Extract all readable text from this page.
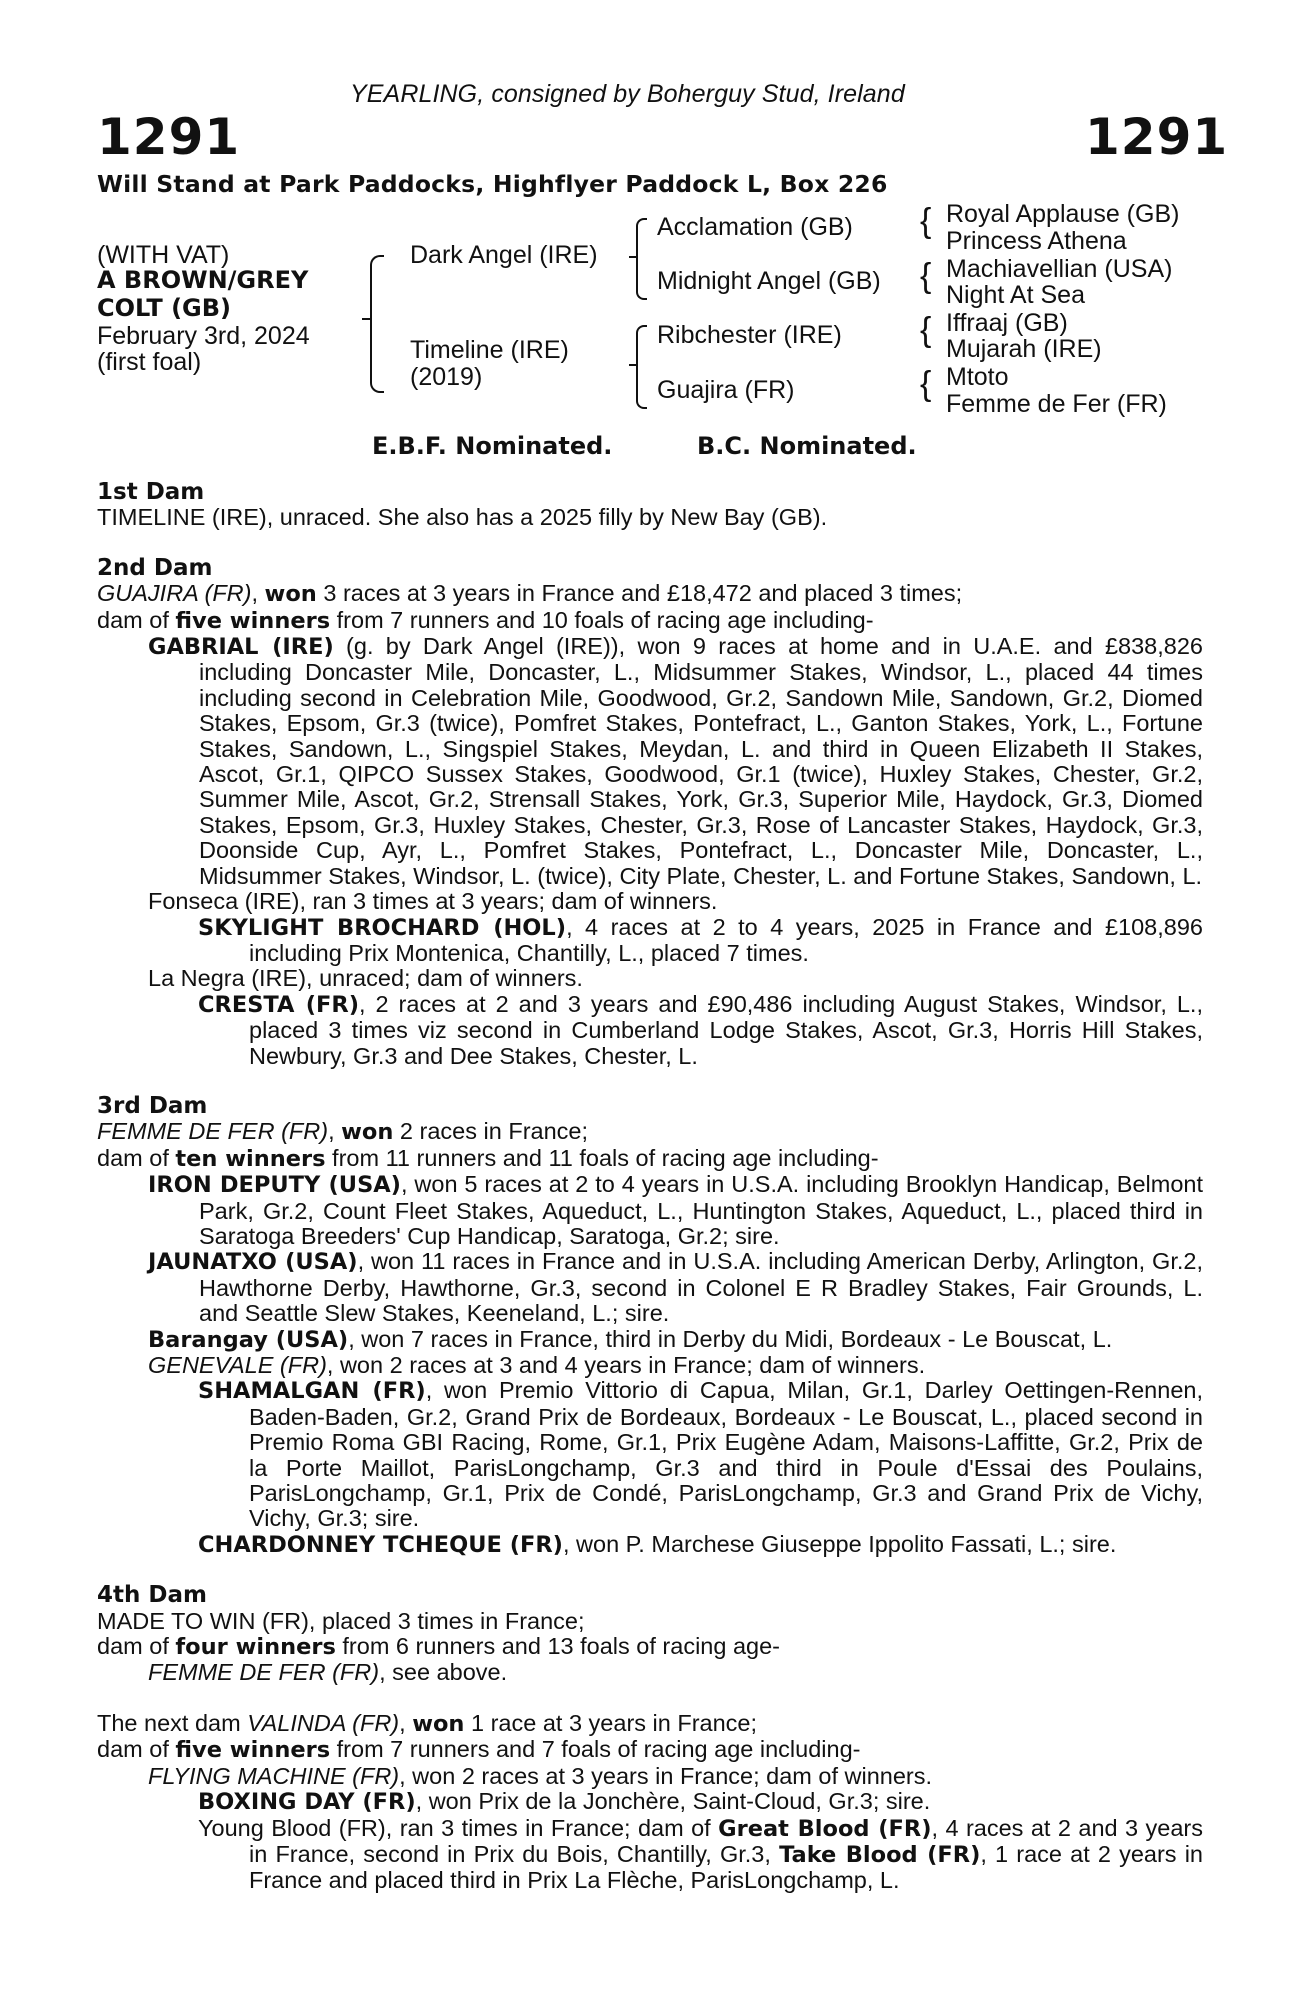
YEARLING, consigned by Boherguy Stud, Ireland
1291	1291
Will Stand at Park Paddocks, Highflyer Paddock L, Box 226
(WITH VAT)
A BROWN/GREY
COLT (GB)
February 3rd, 2024
(first foal)
Dark Angel (IRE)
Timeline (IRE)
(2019)
Acclamation (GB)
Midnight Angel (GB)
Ribchester (IRE)
Guajira (FR)
{
{
{
{
Royal Applause (GB)
Princess Athena
Machiavellian (USA)
Night At Sea
Iffraaj (GB)
Mujarah (IRE)
Mtoto
Femme de Fer (FR)
E.B.F. Nominated.	B.C. Nominated.
1st Dam

TIMELINE (IRE), unraced. She also has a 2025 filly by New Bay (GB).

2nd Dam

GUAJIRA (FR), won 3 races at 3 years in France and £18,472 and placed 3 times;

dam of five winners from 7 runners and 10 foals of racing age including-

GABRIAL (IRE) (g. by Dark Angel (IRE)), won 9 races at home and in U.A.E. and £838,826 including Doncaster Mile, Doncaster, L., Midsummer Stakes, Windsor, L., placed 44 times including second in Celebration Mile, Goodwood, Gr.2, Sandown Mile, Sandown, Gr.2, Diomed Stakes, Epsom, Gr.3 (twice), Pomfret Stakes, Pontefract, L., Ganton Stakes, York, L., Fortune Stakes, Sandown, L., Singspiel Stakes, Meydan, L. and third in Queen Elizabeth II Stakes, Ascot, Gr.1, QIPCO Sussex Stakes, Goodwood, Gr.1 (twice), Huxley Stakes, Chester, Gr.2, Summer Mile, Ascot, Gr.2, Strensall Stakes, York, Gr.3, Superior Mile, Haydock, Gr.3, Diomed Stakes, Epsom, Gr.3, Huxley Stakes, Chester, Gr.3, Rose of Lancaster Stakes, Haydock, Gr.3, Doonside Cup, Ayr, L., Pomfret Stakes, Pontefract, L., Doncaster Mile, Doncaster, L., Midsummer Stakes, Windsor, L. (twice), City Plate, Chester, L. and Fortune Stakes, Sandown, L.

Fonseca (IRE), ran 3 times at 3 years; dam of winners.

SKYLIGHT BROCHARD (HOL), 4 races at 2 to 4 years, 2025 in France and £108,896 including Prix Montenica, Chantilly, L., placed 7 times.

La Negra (IRE), unraced; dam of winners.

CRESTA (FR), 2 races at 2 and 3 years and £90,486 including August Stakes, Windsor, L., placed 3 times viz second in Cumberland Lodge Stakes, Ascot, Gr.3, Horris Hill Stakes, Newbury, Gr.3 and Dee Stakes, Chester, L.

3rd Dam

FEMME DE FER (FR), won 2 races in France;

dam of ten winners from 11 runners and 11 foals of racing age including-

IRON DEPUTY (USA), won 5 races at 2 to 4 years in U.S.A. including Brooklyn Handicap, Belmont Park, Gr.2, Count Fleet Stakes, Aqueduct, L., Huntington Stakes, Aqueduct, L., placed third in Saratoga Breeders' Cup Handicap, Saratoga, Gr.2; sire.

JAUNATXO (USA), won 11 races in France and in U.S.A. including American Derby, Arlington, Gr.2, Hawthorne Derby, Hawthorne, Gr.3, second in Colonel E R Bradley Stakes, Fair Grounds, L. and Seattle Slew Stakes, Keeneland, L.; sire.

Barangay (USA), won 7 races in France, third in Derby du Midi, Bordeaux - Le Bouscat, L.

GENEVALE (FR), won 2 races at 3 and 4 years in France; dam of winners.

SHAMALGAN (FR), won Premio Vittorio di Capua, Milan, Gr.1, Darley Oettingen-Rennen, Baden-Baden, Gr.2, Grand Prix de Bordeaux, Bordeaux - Le Bouscat, L., placed second in Premio Roma GBI Racing, Rome, Gr.1, Prix Eugène Adam, Maisons-Laffitte, Gr.2, Prix de la Porte Maillot, ParisLongchamp, Gr.3 and third in Poule d'Essai des Poulains, ParisLongchamp, Gr.1, Prix de Condé, ParisLongchamp, Gr.3 and Grand Prix de Vichy, Vichy, Gr.3; sire.

CHARDONNEY TCHEQUE (FR), won P. Marchese Giuseppe Ippolito Fassati, L.; sire.

4th Dam

MADE TO WIN (FR), placed 3 times in France;

dam of four winners from 6 runners and 13 foals of racing age-

FEMME DE FER (FR), see above.

The next dam VALINDA (FR), won 1 race at 3 years in France;

dam of five winners from 7 runners and 7 foals of racing age including-

FLYING MACHINE (FR), won 2 races at 3 years in France; dam of winners.

BOXING DAY (FR), won Prix de la Jonchère, Saint-Cloud, Gr.3; sire.

Young Blood (FR), ran 3 times in France; dam of Great Blood (FR), 4 races at 2 and 3 years in France, second in Prix du Bois, Chantilly, Gr.3, Take Blood (FR), 1 race at 2 years in France and placed third in Prix La Flèche, ParisLongchamp, L.
